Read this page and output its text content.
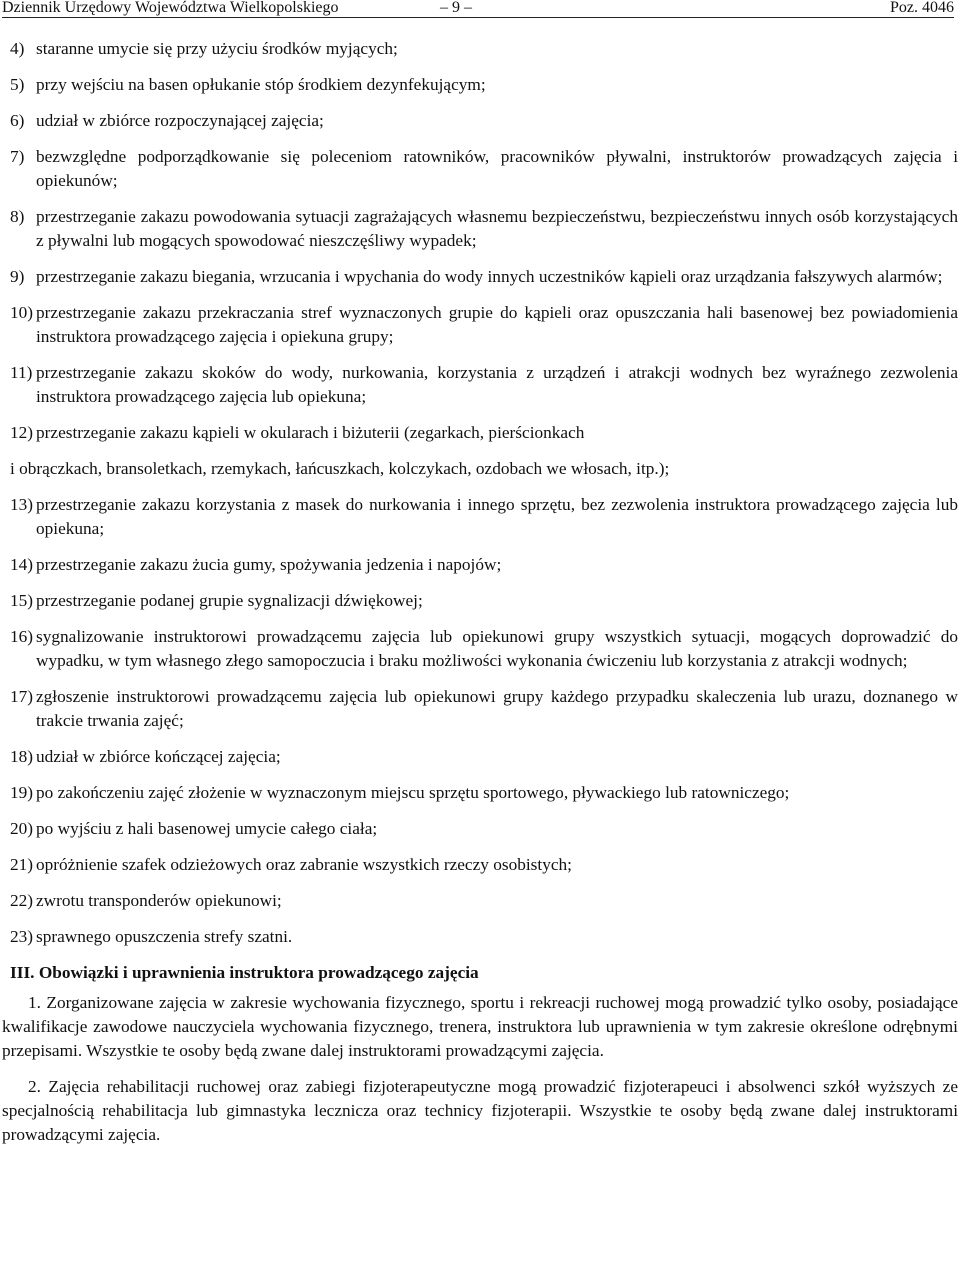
Dziennik Urzędowy Województwa Wielkopolskiego	– 9 –	Poz. 4046
4) staranne umycie się przy użyciu środków myjących;
5) przy wejściu na basen opłukanie stóp środkiem dezynfekującym;
6) udział w zbiórce rozpoczynającej zajęcia;
7) bezwzględne podporządkowanie się poleceniom ratowników, pracowników pływalni, instruktorów prowadzących zajęcia i opiekunów;
8) przestrzeganie zakazu powodowania sytuacji zagrażających własnemu bezpieczeństwu, bezpieczeństwu innych osób korzystających z pływalni lub mogących spowodować nieszczęśliwy wypadek;
9) przestrzeganie zakazu biegania, wrzucania i wpychania do wody innych uczestników kąpieli oraz urządzania fałszywych alarmów;
10) przestrzeganie zakazu przekraczania stref wyznaczonych grupie do kąpieli oraz opuszczania hali basenowej bez powiadomienia instruktora prowadzącego zajęcia i opiekuna grupy;
11) przestrzeganie zakazu skoków do wody, nurkowania, korzystania z urządzeń i atrakcji wodnych bez wyraźnego zezwolenia instruktora prowadzącego zajęcia lub opiekuna;
12) przestrzeganie zakazu kąpieli w okularach i biżuterii (zegarkach, pierścionkach
i obrączkach, bransoletkach, rzemykach, łańcuszkach, kolczykach, ozdobach we włosach, itp.);
13) przestrzeganie zakazu korzystania z masek do nurkowania i innego sprzętu, bez zezwolenia instruktora prowadzącego zajęcia lub opiekuna;
14) przestrzeganie zakazu żucia gumy, spożywania jedzenia i napojów;
15) przestrzeganie podanej grupie sygnalizacji dźwiękowej;
16) sygnalizowanie instruktorowi prowadzącemu zajęcia lub opiekunowi grupy wszystkich sytuacji, mogących doprowadzić do wypadku, w tym własnego złego samopoczucia i braku możliwości wykonania ćwiczeniu lub korzystania z atrakcji wodnych;
17) zgłoszenie instruktorowi prowadzącemu zajęcia lub opiekunowi grupy każdego przypadku skaleczenia lub urazu, doznanego w trakcie trwania zajęć;
18) udział w zbiórce kończącej zajęcia;
19) po zakończeniu zajęć złożenie w wyznaczonym miejscu sprzętu sportowego, pływackiego lub ratowniczego;
20) po wyjściu z hali basenowej umycie całego ciała;
21) opróżnienie szafek odzieżowych oraz zabranie wszystkich rzeczy osobistych;
22) zwrotu transponderów opiekunowi;
23) sprawnego opuszczenia strefy szatni.
III. Obowiązki i uprawnienia instruktora prowadzącego zajęcia
1. Zorganizowane zajęcia w zakresie wychowania fizycznego, sportu i rekreacji ruchowej mogą prowadzić tylko osoby, posiadające kwalifikacje zawodowe nauczyciela wychowania fizycznego, trenera, instruktora lub uprawnienia w tym zakresie określone odrębnymi przepisami. Wszystkie te osoby będą zwane dalej instruktorami prowadzącymi zajęcia.
2. Zajęcia rehabilitacji ruchowej oraz zabiegi fizjoterapeutyczne mogą prowadzić fizjoterapeuci i absolwenci szkół wyższych ze specjalnością rehabilitacja lub gimnastyka lecznicza oraz technicy fizjoterapii. Wszystkie te osoby będą zwane dalej instruktorami prowadzącymi zajęcia.
